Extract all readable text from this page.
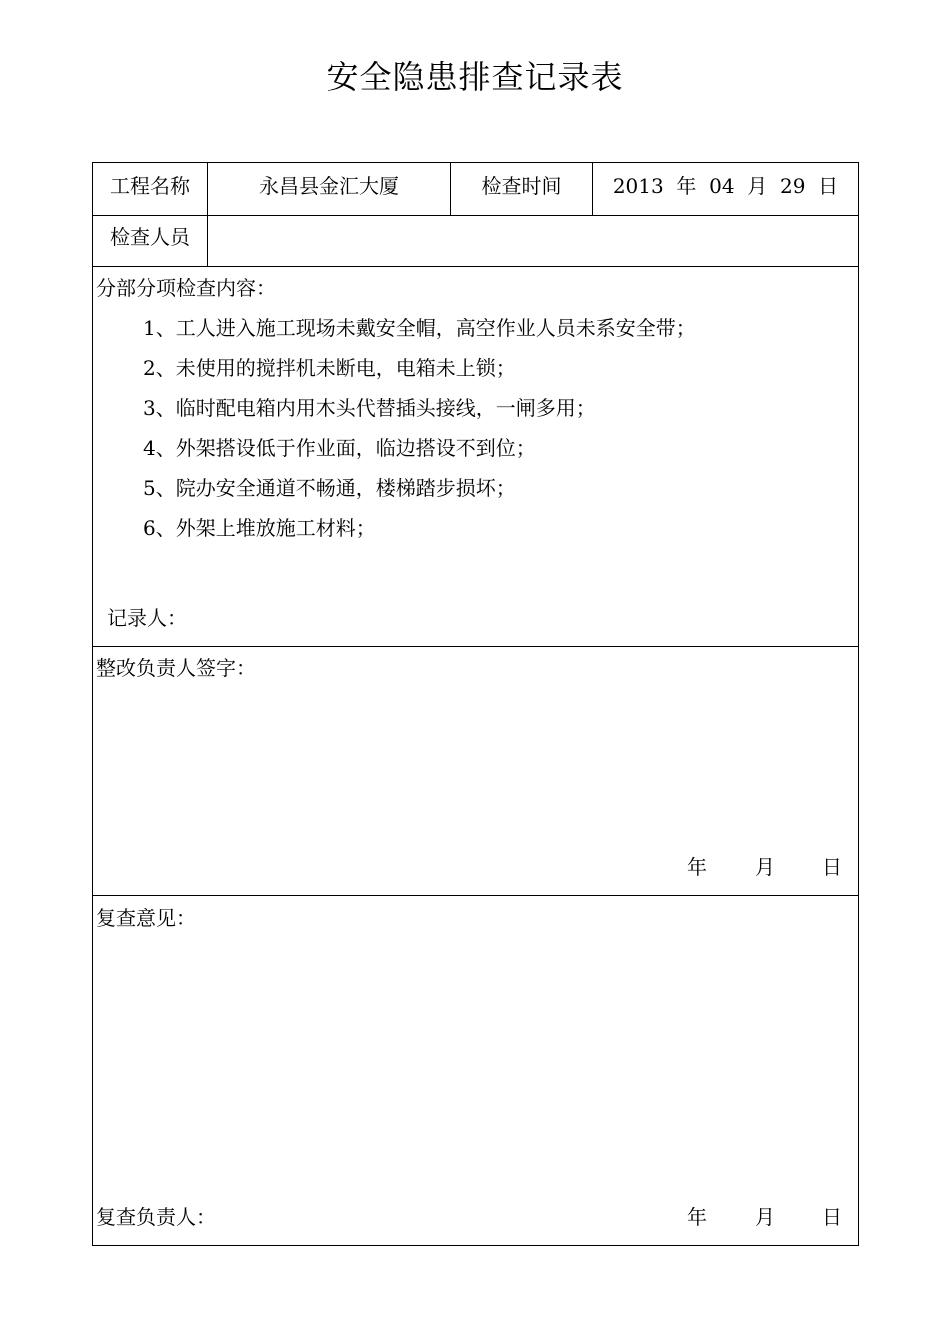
安全隐患排查记录表
工程名称	永昌县金汇大厦	检查时间	2013  年  04  月  29  日
检查人员
分部分项检查内容：
1、工人进入施工现场未戴安全帽，高空作业人员未系安全带；
2、未使用的搅拌机未断电，电箱未上锁；
3、临时配电箱内用木头代替插头接线，一闸多用；
4、外架搭设低于作业面，临边搭设不到位；
5、院办安全通道不畅通，楼梯踏步损坏；
6、外架上堆放施工材料；
记录人：
整改负责人签字：
年 月 日
复查意见：
复查负责人：	年 月 日
